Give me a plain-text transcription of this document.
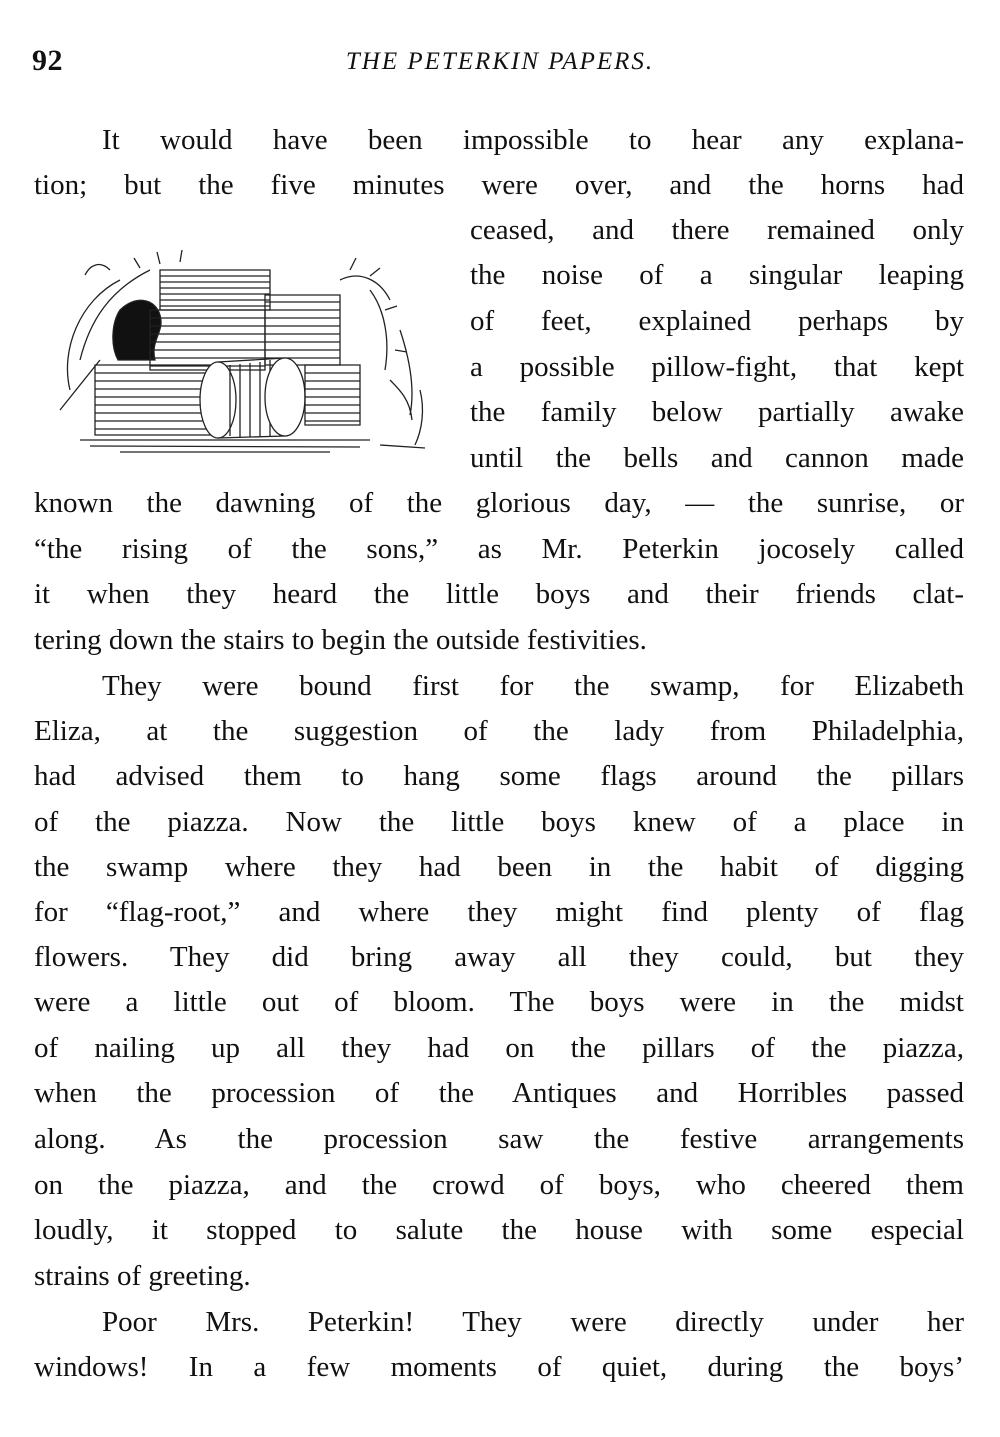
92	THE PETERKIN PAPERS.
It would have been impossible to hear any explana-
tion; but the five minutes were over, and the horns had
ceased, and there remained only
the noise of a singular leaping
of feet, explained perhaps by
a possible pillow-fight, that kept
the family below partially awake
until the bells and cannon made
known the dawning of the glorious day, — the sunrise, or
“the rising of the sons,” as Mr. Peterkin jocosely called
it when they heard the little boys and their friends clat-
tering down the stairs to begin the outside festivities.
They were bound first for the swamp, for Elizabeth
Eliza, at the suggestion of the lady from Philadelphia,
had advised them to hang some flags around the pillars
of the piazza. Now the little boys knew of a place in
the swamp where they had been in the habit of digging
for “flag-root,” and where they might find plenty of flag
flowers. They did bring away all they could, but they
were a little out of bloom. The boys were in the midst
of nailing up all they had on the pillars of the piazza,
when the procession of the Antiques and Horribles passed
along. As the procession saw the festive arrangements
on the piazza, and the crowd of boys, who cheered them
loudly, it stopped to salute the house with some especial
strains of greeting.
Poor Mrs. Peterkin! They were directly under her
windows! In a few moments of quiet, during the boys’
